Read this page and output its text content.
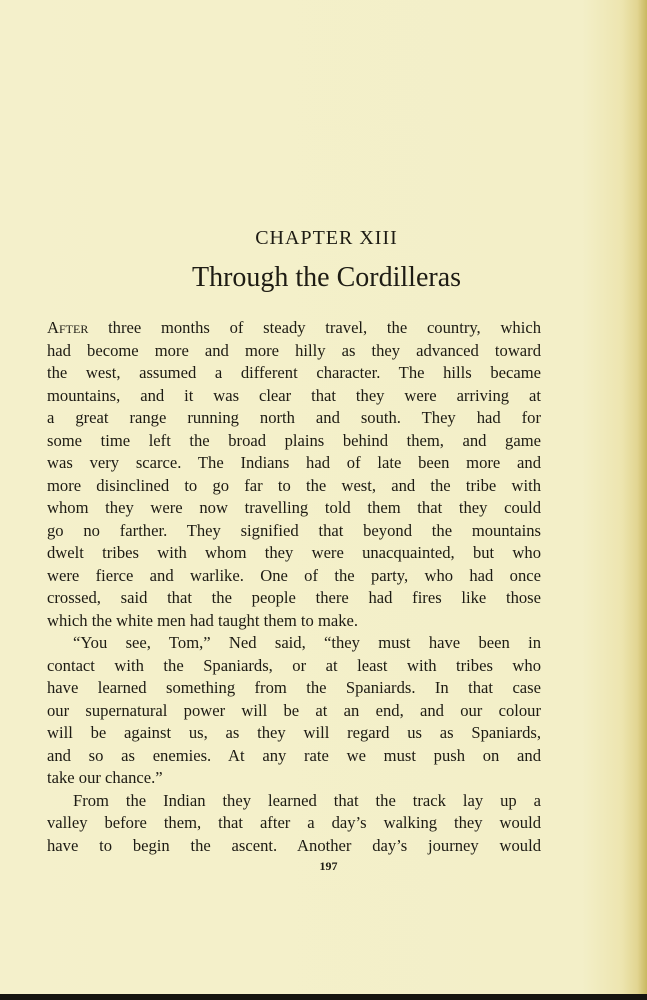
CHAPTER XIII
Through the Cordilleras
After three months of steady travel, the country, which
had become more and more hilly as they advanced toward
the west, assumed a different character. The hills became
mountains, and it was clear that they were arriving at
a great range running north and south. They had for
some time left the broad plains behind them, and game
was very scarce. The Indians had of late been more and
more disinclined to go far to the west, and the tribe with
whom they were now travelling told them that they could
go no farther. They signified that beyond the mountains
dwelt tribes with whom they were unacquainted, but who
were fierce and warlike. One of the party, who had once
crossed, said that the people there had fires like those
which the white men had taught them to make.
“You see, Tom,” Ned said, “they must have been in
contact with the Spaniards, or at least with tribes who
have learned something from the Spaniards. In that case
our supernatural power will be at an end, and our colour
will be against us, as they will regard us as Spaniards,
and so as enemies. At any rate we must push on and
take our chance.”
From the Indian they learned that the track lay up a
valley before them, that after a day’s walking they would
have to begin the ascent. Another day’s journey would
197
